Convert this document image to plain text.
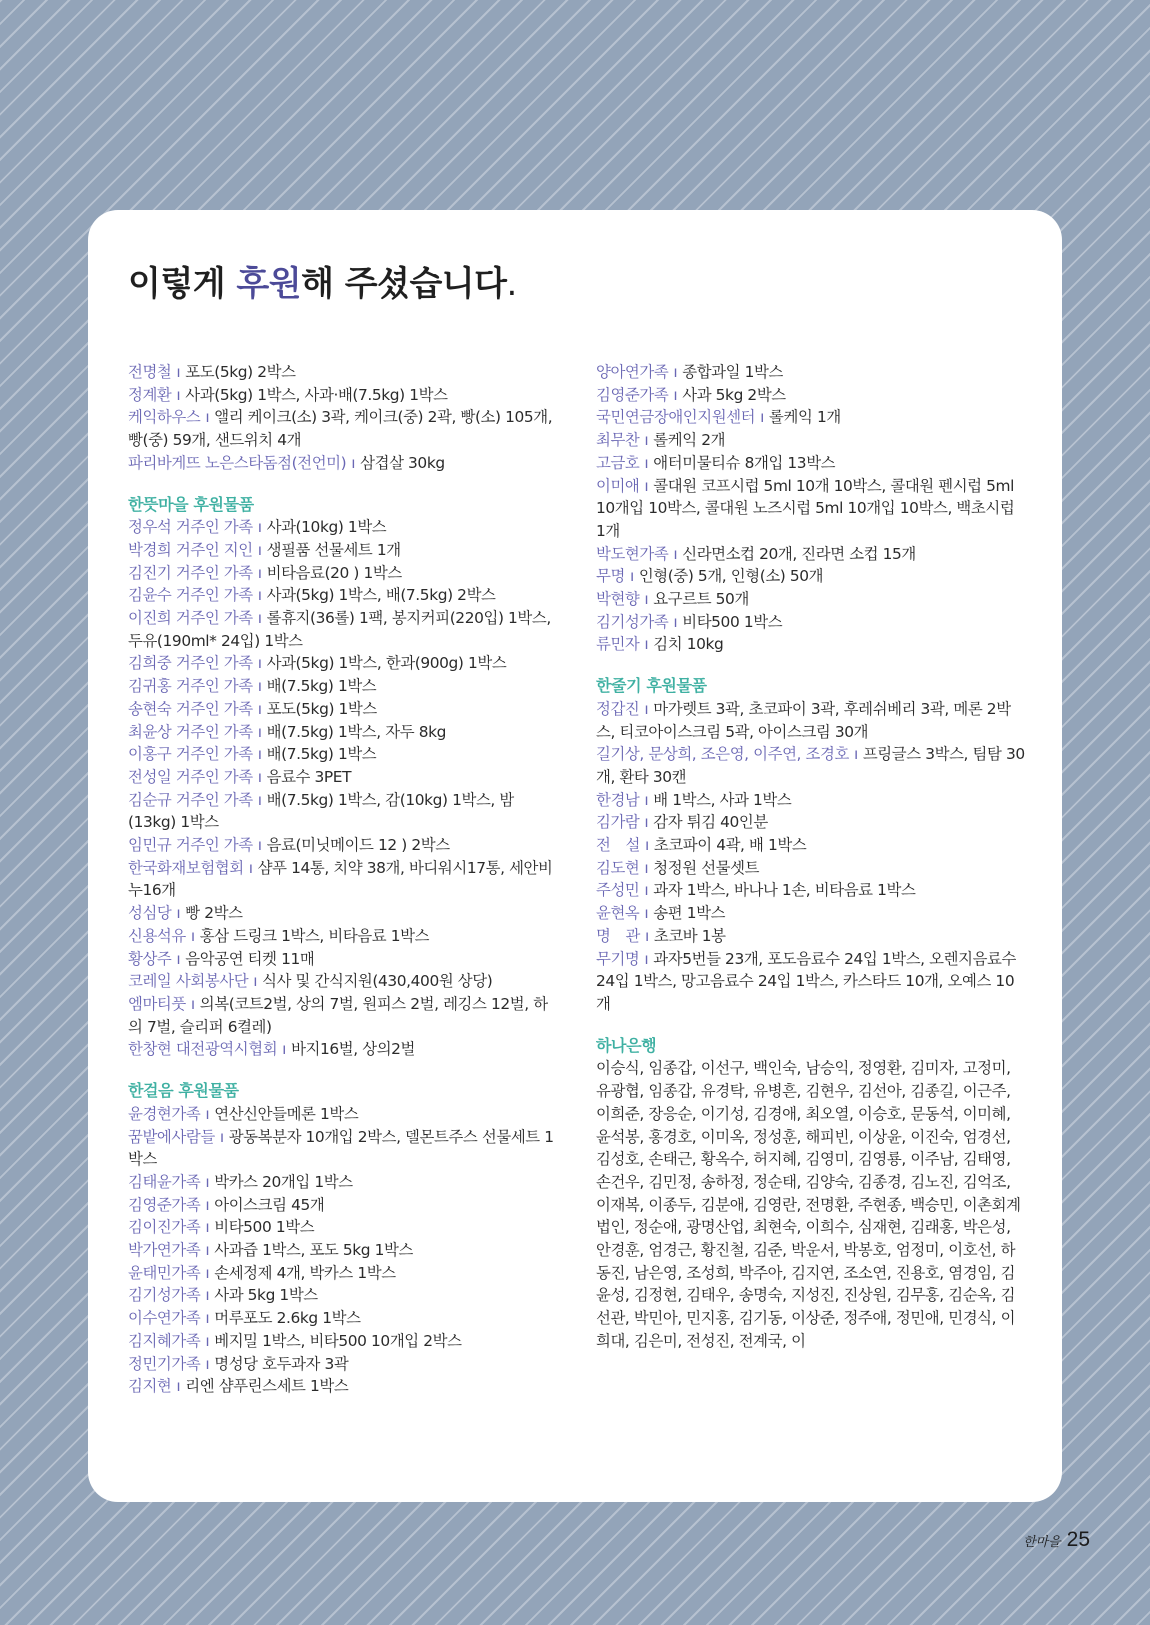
이렇게 후원해 주셨습니다.

전명철 ı 포도(5kg) 2박스

정계환 ı 사과(5kg) 1박스, 사과·배(7.5kg) 1박스

케익하우스 ı 앨리 케이크(소) 3곽, 케이크(중) 2곽, 빵(소) 105개, 빵(중) 59개, 샌드위치 4개

파리바게뜨 노은스타돔점(전언미) ı 삼겹살 30kg

한뜻마을 후원물품

정우석 거주인 가족 ı 사과(10kg) 1박스

박경희 거주인 지인 ı 생필품 선물세트 1개

김진기 거주인 가족 ı 비타음료(20 ) 1박스

김윤수 거주인 가족 ı 사과(5kg) 1박스, 배(7.5kg) 2박스

이진희 거주인 가족 ı 롤휴지(36롤) 1팩, 봉지커피(220입) 1박스, 두유(190ml* 24입) 1박스

김희중 거주인 가족 ı 사과(5kg) 1박스, 한과(900g) 1박스

김귀홍 거주인 가족 ı 배(7.5kg) 1박스

송현숙 거주인 가족 ı 포도(5kg) 1박스

최윤상 거주인 가족 ı 배(7.5kg) 1박스, 자두 8kg

이홍구 거주인 가족 ı 배(7.5kg) 1박스

전성일 거주인 가족 ı 음료수 3PET

김순규 거주인 가족 ı 배(7.5kg) 1박스, 감(10kg) 1박스, 밤(13kg) 1박스

임민규 거주인 가족 ı 음료(미닛메이드 12 ) 2박스

한국화재보험협회 ı 샴푸 14통, 치약 38개, 바디워시17통, 세안비누16개

성심당 ı 빵 2박스

신용석유 ı 홍삼 드링크 1박스, 비타음료 1박스

황상주 ı 음악공연 티켓 11매

코레일 사회봉사단 ı 식사 및 간식지원(430,400원 상당)

엠마티풋 ı 의복(코트2벌, 상의 7벌, 원피스 2벌, 레깅스 12벌, 하의 7벌, 슬리퍼 6켤레)

한창현 대전광역시협회 ı 바지16벌, 상의2벌

한걸음 후원물품

윤경현가족 ı 연산신안들메론 1박스

꿈밭에사람들 ı 광동복분자 10개입 2박스, 델몬트주스 선물세트 1박스

김태윤가족 ı 박카스 20개입 1박스

김영준가족 ı 아이스크림 45개

김이진가족 ı 비타500 1박스

박가연가족 ı 사과즙 1박스, 포도 5kg 1박스

윤태민가족 ı 손세정제 4개, 박카스 1박스

김기성가족 ı 사과 5kg 1박스

이수연가족 ı 머루포도 2.6kg 1박스

김지혜가족 ı 베지밀 1박스, 비타500 10개입 2박스

정민기가족 ı 명성당 호두과자 3곽

김지현 ı 리엔 샴푸린스세트 1박스

양아연가족 ı 종합과일 1박스

김영준가족 ı 사과 5kg 2박스

국민연금장애인지원센터 ı 롤케익 1개

최무찬 ı 롤케익 2개

고금호 ı 애터미물티슈 8개입 13박스

이미애 ı 콜대원 코프시럽 5ml 10개 10박스, 콜대원 펜시럽 5ml 10개입 10박스, 콜대원 노즈시럽 5ml 10개입 10박스, 백초시럽 1개

박도현가족 ı 신라면소컵 20개, 진라면 소컵 15개

무명 ı 인형(중) 5개, 인형(소) 50개

박현향 ı 요구르트 50개

김기성가족 ı 비타500 1박스

류민자 ı 김치 10kg

한줄기 후원물품

정갑진 ı 마가렛트 3곽, 초코파이 3곽, 후레쉬베리 3곽, 메론 2박스, 티코아이스크림 5곽, 아이스크림 30개

길기상, 문상희, 조은영, 이주연, 조경호 ı 프링글스 3박스, 팀탐 30개, 환타 30캔

한경남 ı 배 1박스, 사과 1박스

김가람 ı 감자 튀김 40인분

전　설 ı 초코파이 4곽, 배 1박스

김도현 ı 청정원 선물셋트

주성민 ı 과자 1박스, 바나나 1손, 비타음료 1박스

윤현옥 ı 송편 1박스

명　관 ı 초코바 1봉

무기명 ı 과자5번들 23개, 포도음료수 24입 1박스, 오렌지음료수 24입 1박스, 망고음료수 24입 1박스, 카스타드 10개, 오예스 10개

하나은행

이승식, 임종갑, 이선구, 백인숙, 남승익, 정영환, 김미자, 고정미, 유광협, 임종갑, 유경탁, 유병흔, 김현우, 김선아, 김종길, 이근주, 이희준, 장응순, 이기성, 김경애, 최오열, 이승호, 문동석, 이미혜, 윤석봉, 홍경호, 이미옥, 정성훈, 해피빈, 이상윤, 이진숙, 엄경선, 김성호, 손태근, 황옥수, 허지혜, 김영미, 김영룡, 이주남, 김태영, 손건우, 김민정, 송하정, 정순태, 김양숙, 김종경, 김노진, 김억조, 이재복, 이종두, 김분애, 김영란, 전명환, 주현종, 백승민, 이촌회계법인, 정순애, 광명산업, 최현숙, 이희수, 심재현, 김래홍, 박은성, 안경훈, 엄경근, 황진철, 김준, 박운서, 박봉호, 엄정미, 이호선, 하동진, 남은영, 조성희, 박주아, 김지연, 조소연, 진용호, 염경임, 김윤성, 김정현, 김태우, 송명숙, 지성진, 진상원, 김무홍, 김순옥, 김선관, 박민아, 민지홍, 김기동, 이상준, 정주애, 정민애, 민경식, 이희대, 김은미, 전성진, 전계국, 이

한마을 25
